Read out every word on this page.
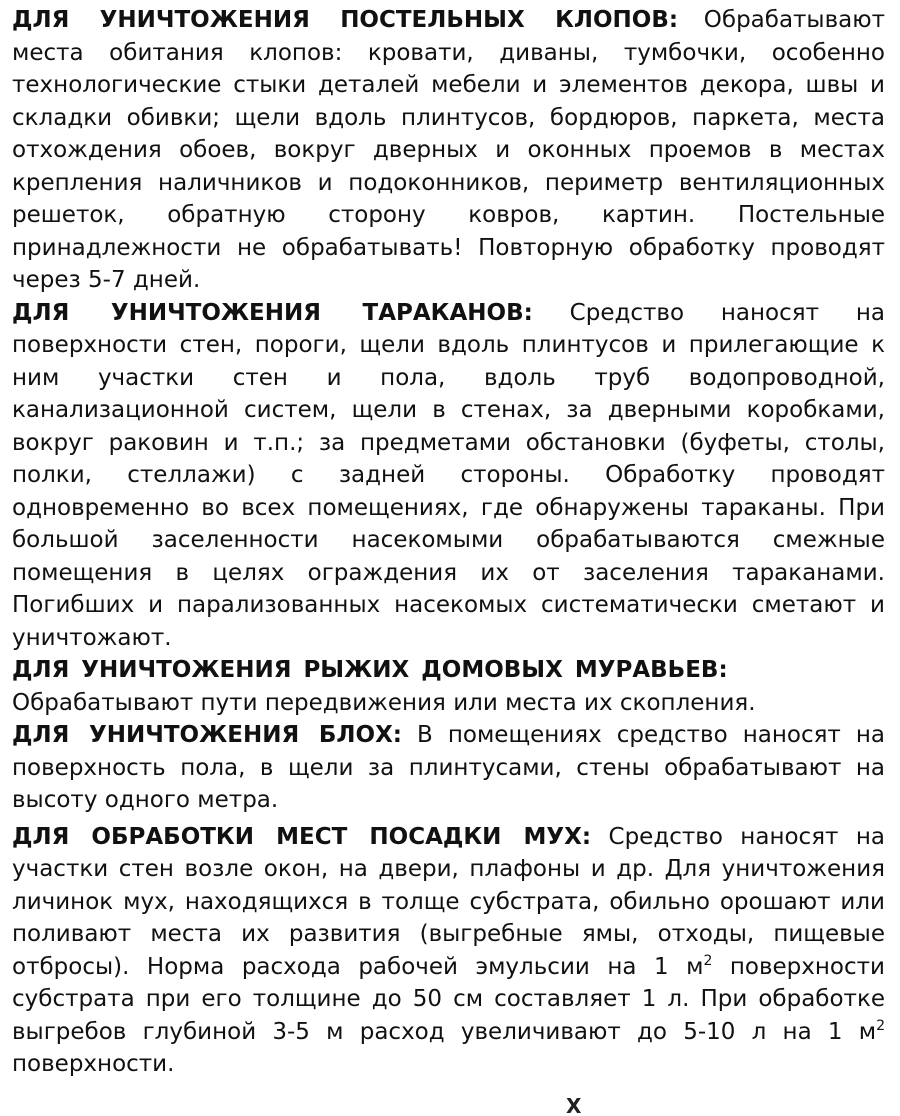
ДЛЯ УНИЧТОЖЕНИЯ ПОСТЕЛЬНЫХ КЛОПОВ: Обрабатывают места обитания клопов: кровати, диваны, тумбочки, особенно технологические стыки деталей мебели и элементов декора, швы и складки обивки; щели вдоль плинтусов, бордюров, паркета, места отхождения обоев, вокруг дверных и оконных проемов в местах крепления наличников и подоконников, периметр вентиляционных решеток, обратную сторону ковров, картин. Постельные принадлежности не обрабатывать! Повторную обработку проводят через 5-7 дней.

ДЛЯ УНИЧТОЖЕНИЯ ТАРАКАНОВ: Средство наносят на поверхности стен, пороги, щели вдоль плинтусов и прилегающие к ним участки стен и пола, вдоль труб водопроводной, канализационной систем, щели в стенах, за дверными коробками, вокруг раковин и т.п.; за предметами обстановки (буфеты, столы, полки, стеллажи) с задней стороны. Обработку проводят одновременно во всех помещениях, где обнаружены тараканы. При большой заселенности насекомыми обрабатываются смежные помещения в целях ограждения их от заселения тараканами. Погибших и парализованных насекомых систематически сметают и уничтожают.

ДЛЯ УНИЧТОЖЕНИЯ РЫЖИХ ДОМОВЫХ МУРАВЬЕВ:
Обрабатывают пути передвижения или места их скопления.

ДЛЯ УНИЧТОЖЕНИЯ БЛОХ: В помещениях средство наносят на поверхность пола, в щели за плинтусами, стены обрабатывают на высоту одного метра.

ДЛЯ ОБРАБОТКИ МЕСТ ПОСАДКИ МУХ: Средство наносят на участки стен возле окон, на двери, плафоны и др. Для уничтожения личинок мух, находящихся в толще субстрата, обильно орошают или поливают места их развития (выгребные ямы, отходы, пищевые отбросы). Норма расхода рабочей эмульсии на 1 $м^2$ поверхности субстрата при его толщине до 50 см составляет 1 л. При обработке выгребов глубиной 3-5 м расход увеличивают до 5-10 л на 1 $м^2$ поверхности.

Х
